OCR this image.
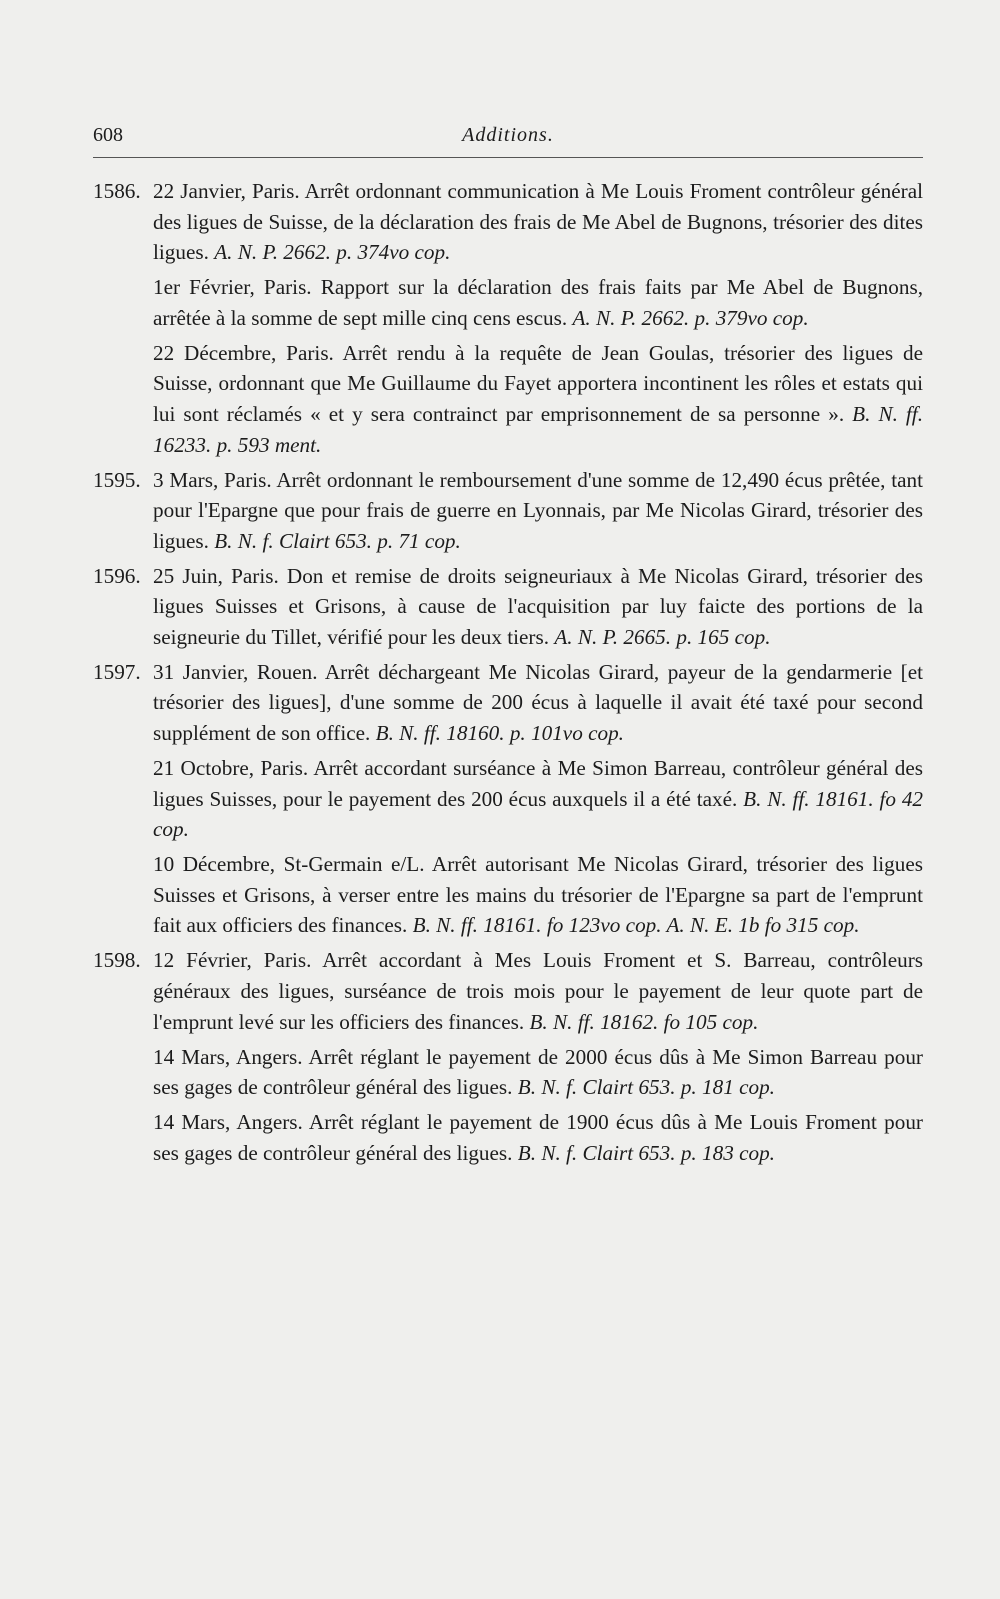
608	Additions.
1586. 22 Janvier, Paris. Arrêt ordonnant communication à Me Louis Froment contrôleur général des ligues de Suisse, de la déclaration des frais de Me Abel de Bugnons, trésorier des dites ligues. A. N. P. 2662. p. 374vo cop.
1er Février, Paris. Rapport sur la déclaration des frais faits par Me Abel de Bugnons, arrêtée à la somme de sept mille cinq cens escus. A. N. P. 2662. p. 379vo cop.
22 Décembre, Paris. Arrêt rendu à la requête de Jean Goulas, trésorier des ligues de Suisse, ordonnant que Me Guillaume du Fayet apportera incontinent les rôles et estats qui lui sont réclamés « et y sera contrainct par emprisonnement de sa personne ». B. N. ff. 16233. p. 593 ment.
1595. 3 Mars, Paris. Arrêt ordonnant le remboursement d'une somme de 12,490 écus prêtée, tant pour l'Epargne que pour frais de guerre en Lyonnais, par Me Nicolas Girard, trésorier des ligues. B. N. f. Clairt 653. p. 71 cop.
1596. 25 Juin, Paris. Don et remise de droits seigneuriaux à Me Nicolas Girard, trésorier des ligues Suisses et Grisons, à cause de l'acquisition par luy faicte des portions de la seigneurie du Tillet, vérifié pour les deux tiers. A. N. P. 2665. p. 165 cop.
1597. 31 Janvier, Rouen. Arrêt déchargeant Me Nicolas Girard, payeur de la gendarmerie [et trésorier des ligues], d'une somme de 200 écus à laquelle il avait été taxé pour second supplément de son office. B. N. ff. 18160. p. 101vo cop.
21 Octobre, Paris. Arrêt accordant surséance à Me Simon Barreau, contrôleur général des ligues Suisses, pour le payement des 200 écus auxquels il a été taxé. B. N. ff. 18161. fo 42 cop.
10 Décembre, St-Germain e/L. Arrêt autorisant Me Nicolas Girard, trésorier des ligues Suisses et Grisons, à verser entre les mains du trésorier de l'Epargne sa part de l'emprunt fait aux officiers des finances. B. N. ff. 18161. fo 123vo cop. A. N. E. 1b fo 315 cop.
1598. 12 Février, Paris. Arrêt accordant à Mes Louis Froment et S. Barreau, contrôleurs généraux des ligues, surséance de trois mois pour le payement de leur quote part de l'emprunt levé sur les officiers des finances. B. N. ff. 18162. fo 105 cop.
14 Mars, Angers. Arrêt réglant le payement de 2000 écus dûs à Me Simon Barreau pour ses gages de contrôleur général des ligues. B. N. f. Clairt 653. p. 181 cop.
14 Mars, Angers. Arrêt réglant le payement de 1900 écus dûs à Me Louis Froment pour ses gages de contrôleur général des ligues. B. N. f. Clairt 653. p. 183 cop.
